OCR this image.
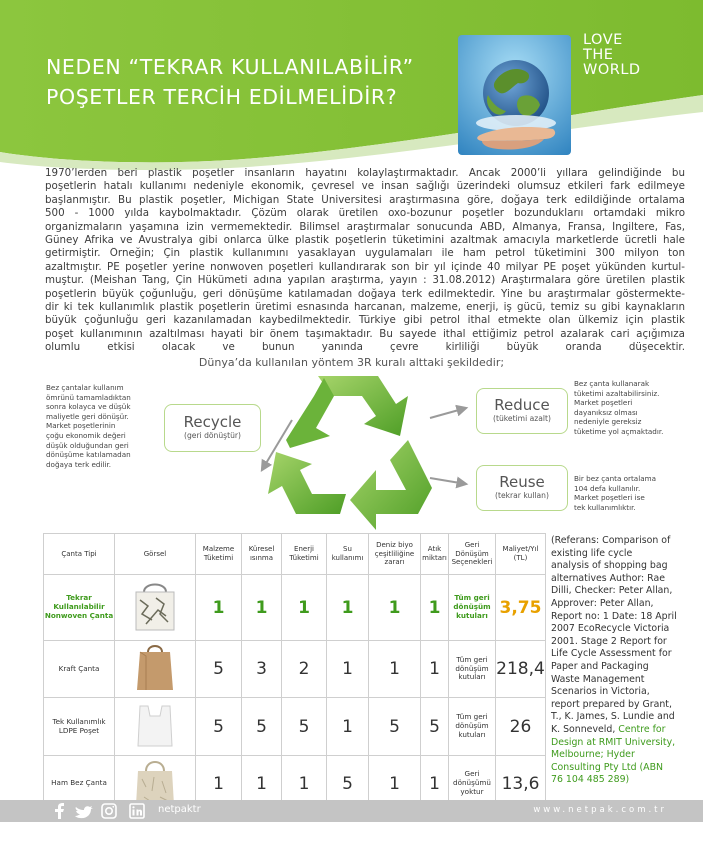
NEDEN “TEKRAR KULLANILABİLİR”
POŞETLER TERCİH EDİLMELİDİR?
LOVE
THE
WORLD
1970’lerden beri plastik poşetler insanların hayatını kolaylaştırmaktadır. Ancak 2000’li yıllara gelindiğinde bu
poşetlerin hatalı kullanımı nedeniyle ekonomik, çevresel ve insan sağlığı üzerindeki olumsuz etkileri fark edilmeye
başlanmıştır. Bu plastik poşetler, Michigan State Üniversitesi araştırmasına göre, doğaya terk edildiğinde ortalama
500 - 1000 yılda kaybolmaktadır. Çözüm olarak üretilen oxo-bozunur poşetler bozunduklarıı ortamdaki mikro
organizmaların yaşamına izin vermemektedir. Bilimsel araştırmalar sonucunda ABD, Almanya, Fransa, İngiltere, Fas,
Güney Afrika ve Avustralya gibi onlarca ülke plastik poşetlerin tüketimini azaltmak amacıyla marketlerde ücretli hale
getirmiştir. Örneğin; Çin plastik kullanımını yasaklayan uygulamaları ile ham petrol tüketimini 300 milyon ton
azaltmıştır. PE poşetler yerine nonwoven poşetleri kullandırarak son bir yıl içinde 40 milyar PE poşet yükünden kurtul-
muştur. (Meishan Tang, Çin Hükümeti adına yapılan araştırma, yayın : 31.08.2012) Araştırmalara göre üretilen plastik
poşetlerin büyük çoğunluğu, geri dönüşüme katılamadan doğaya terk edilmektedir. Yine bu araştırmalar göstermekte-
dir ki tek kullanımlık plastik poşetlerin üretimi esnasında harcanan, malzeme, enerji, iş gücü, temiz su gibi kaynakların
büyük çoğunluğu geri kazanılamadan kaybedilmektedir. Türkiye gibi petrol ithal etmekte olan ülkemiz için plastik
poşet kullanımının azaltılması hayati bir önem taşımaktadır. Bu sayede ithal ettiğimiz petrol azalarak cari açığımıza
olumlu etkisi olacak ve bunun yanında çevre kirliliği büyük oranda düşecektir.
Dünya’da kullanılan yöntem 3R kuralı alttaki şekildedir;
Bez çantalar kullanım
ömrünü tamamladıktan
sonra kolayca ve düşük
maliyetle geri dönüşür.
Market poşetlerinin
çoğu ekonomik değeri
düşük olduğundan geri
dönüşüme katılamadan
doğaya terk edilir.
Recycle
(geri dönüştür)
Reduce
(tüketimi azalt)
Reuse
(tekrar kullan)
Bez çanta kullanarak
tüketimi azaltabilirsiniz.
Market poşetleri
dayanıksız olması
nedeniyle gereksiz
tüketime yol açmaktadır.
Bir bez çanta ortalama
104 defa kullanılır.
Market poşetleri ise
tek kullanımlıktır.
Çanta Tipi	Görsel	Malzeme Tüketimi	Küresel ısınma	Enerji Tüketimi	Su kullanımı	Deniz biyo çeşitliliğine zararı	Atık miktarı	Geri Dönüşüm Seçenekleri	Maliyet/Yıl (TL)
Tekrar Kullanılabilir Nonwoven Çanta		1	1	1	1	1	1	Tüm geri dönüşüm kutuları	3,75
Kraft Çanta		5	3	2	1	1	1	Tüm geri dönüşüm kutuları	218,4
Tek Kullanımlık LDPE Poşet		5	5	5	1	5	5	Tüm geri dönüşüm kutuları	26
Ham Bez Çanta		1	1	1	5	1	1	Geri dönüşümü yoktur	13,6
(Referans: Comparison of
existing life cycle
analysis of shopping bag
alternatives Author: Rae
Dilli, Checker: Peter Allan,
Approver: Peter Allan,
Report no: 1 Date: 18 April
2007 EcoRecycle Victoria
2001. Stage 2 Report for
Life Cycle Assessment for
Paper and Packaging
Waste Management
Scenarios in Victoria,
report prepared by Grant,
T., K. James, S. Lundie and
K. Sonneveld, Centre for
Design at RMIT University,
Melbourne; Hyder
Consulting Pty Ltd (ABN
76 104 485 289)
netpaktr	www.netpak.com.tr
